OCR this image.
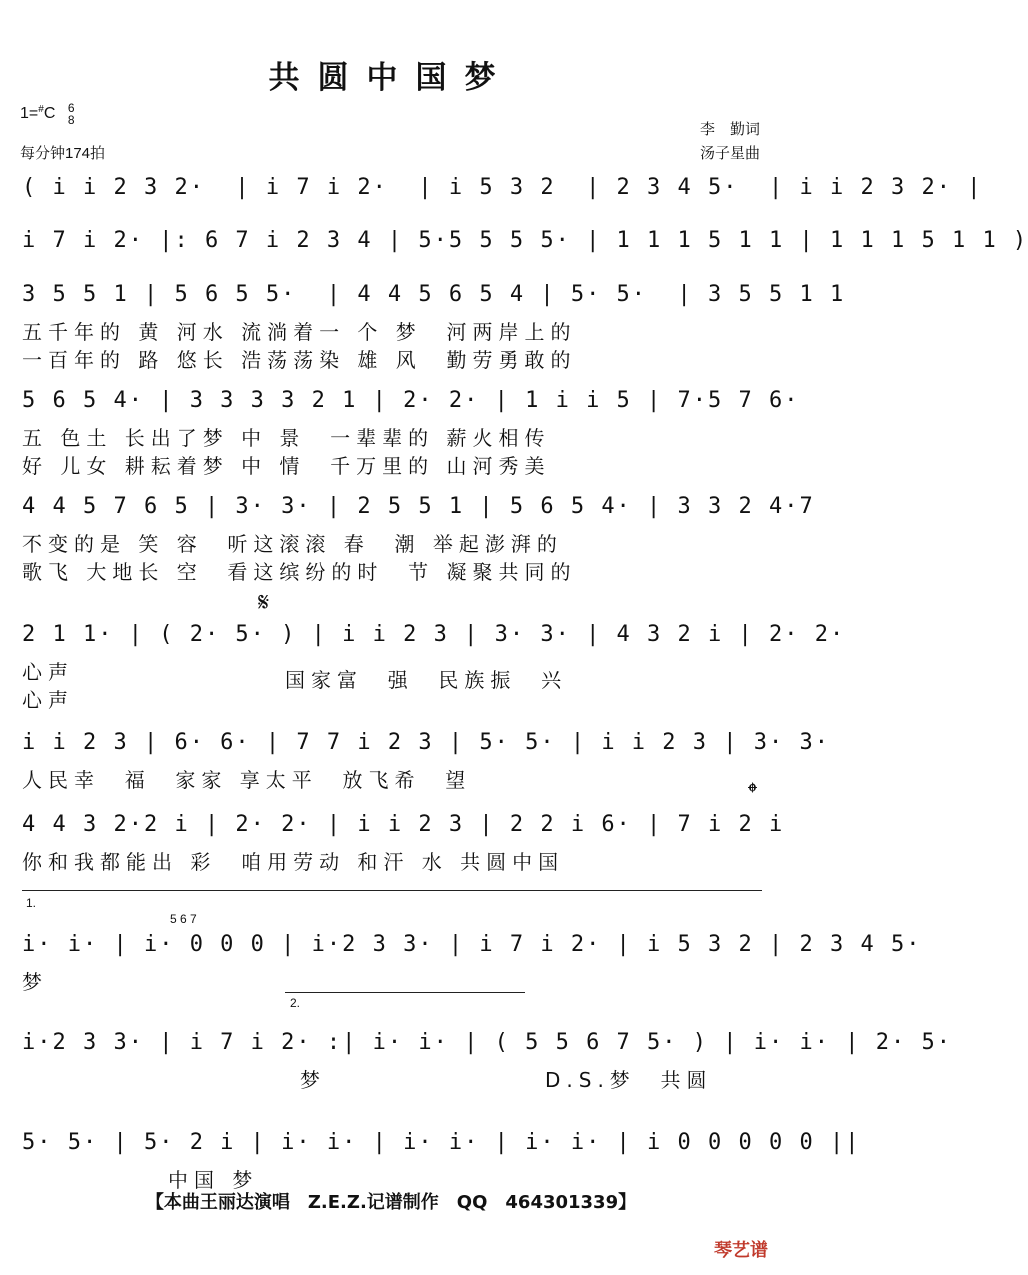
共圆中国梦
1=#C 6
8
每分钟174拍
李　勤词
汤子星曲
( i i 2 3 2·  | i 7 i 2·  | i 5 3 2  | 2 3 4 5·  | i i 2 3 2· |
i 7 i 2· |: 6 7 i 2 3 4 | 5·5 5 5 5· | 1 1 1 5 1 1 | 1 1 1 5 1 1 )
3 5 5 1 | 5 6 5 5·  | 4 4 5 6 5 4 | 5· 5·  | 3 5 5 1 1
五千年的 黄 河水 流淌着一 个 梦  河两岸上的
一百年的 路 悠长 浩荡荡染 雄 风  勤劳勇敢的
5 6 5 4· | 3 3 3 3 2 1 | 2· 2· | 1 i i 5 | 7·5 7 6·
五 色土 长出了梦 中 景  一辈辈的 薪火相传
好 儿女 耕耘着梦 中 情  千万里的 山河秀美
4 4 5 7 6 5 | 3· 3· | 2 5 5 1 | 5 6 5 4· | 3 3 2 4·7
不变的是 笑 容  听这滚滚 春  潮 举起澎湃的
歌飞 大地长 空  看这缤纷的时  节 凝聚共同的
𝄋
2 1 1· | ( 2· 5· ) | i i 2 3 | 3· 3· | 4 3 2 i | 2· 2·
心声
心声
国家富  强  民族振  兴
i i 2 3 | 6· 6· | 7 7 i 2 3 | 5· 5· | i i 2 3 | 3· 3·
人民幸  福  家家 享太平  放飞希  望	𝄌
4 4 3 2·2 i | 2· 2· | i i 2 3 | 2 2 i 6· | 7 i 2 i
你和我都能出 彩  咱用劳动 和汗 水 共圆中国
1.
5 6 7
i· i· | i· 0 0 0 | i·2 3 3· | i 7 i 2· | i 5 3 2 | 2 3 4 5·
梦
2.
i·2 3 3· | i 7 i 2· :| i· i· | ( 5 5 6 7 5· ) | i· i· | 2· 5·
梦	D.S.梦  共圆
5· 5· | 5· 2 i | i· i· | i· i· | i· i· | i 0 0 0 0 0 ||
中国 梦
【本曲王丽达演唱　Z.E.Z.记谱制作　QQ　464301339】
琴艺谱
